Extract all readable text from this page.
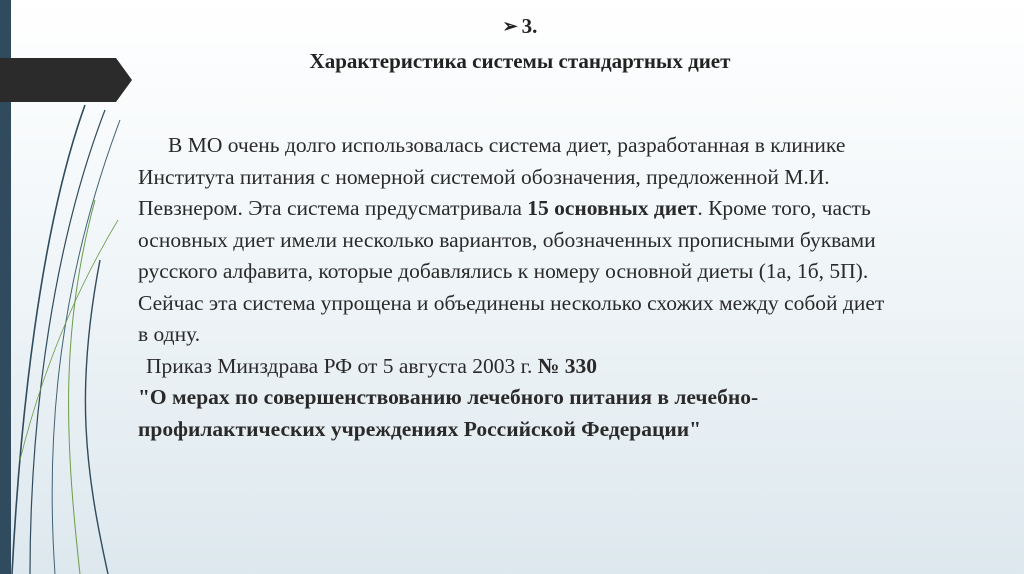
➢ 3.
Характеристика системы стандартных диет

В МО очень долго использовалась система диет, разработанная в клинике Института питания с номерной системой обозначения, предложенной М.И. Певзнером. Эта система предусматривала 15 основных диет. Кроме того, часть основных диет имели несколько вариантов, обозначенных прописными буквами русского алфавита, которые добавлялись к номеру основной диеты (1а, 1б, 5П).

Сейчас эта система упрощена и объединены несколько схожих между собой диет в одну.

Приказ Минздрава РФ от 5 августа 2003 г. № 330

"О мерах по совершенствованию лечебного питания в лечебно-профилактических учреждениях Российской Федерации"
